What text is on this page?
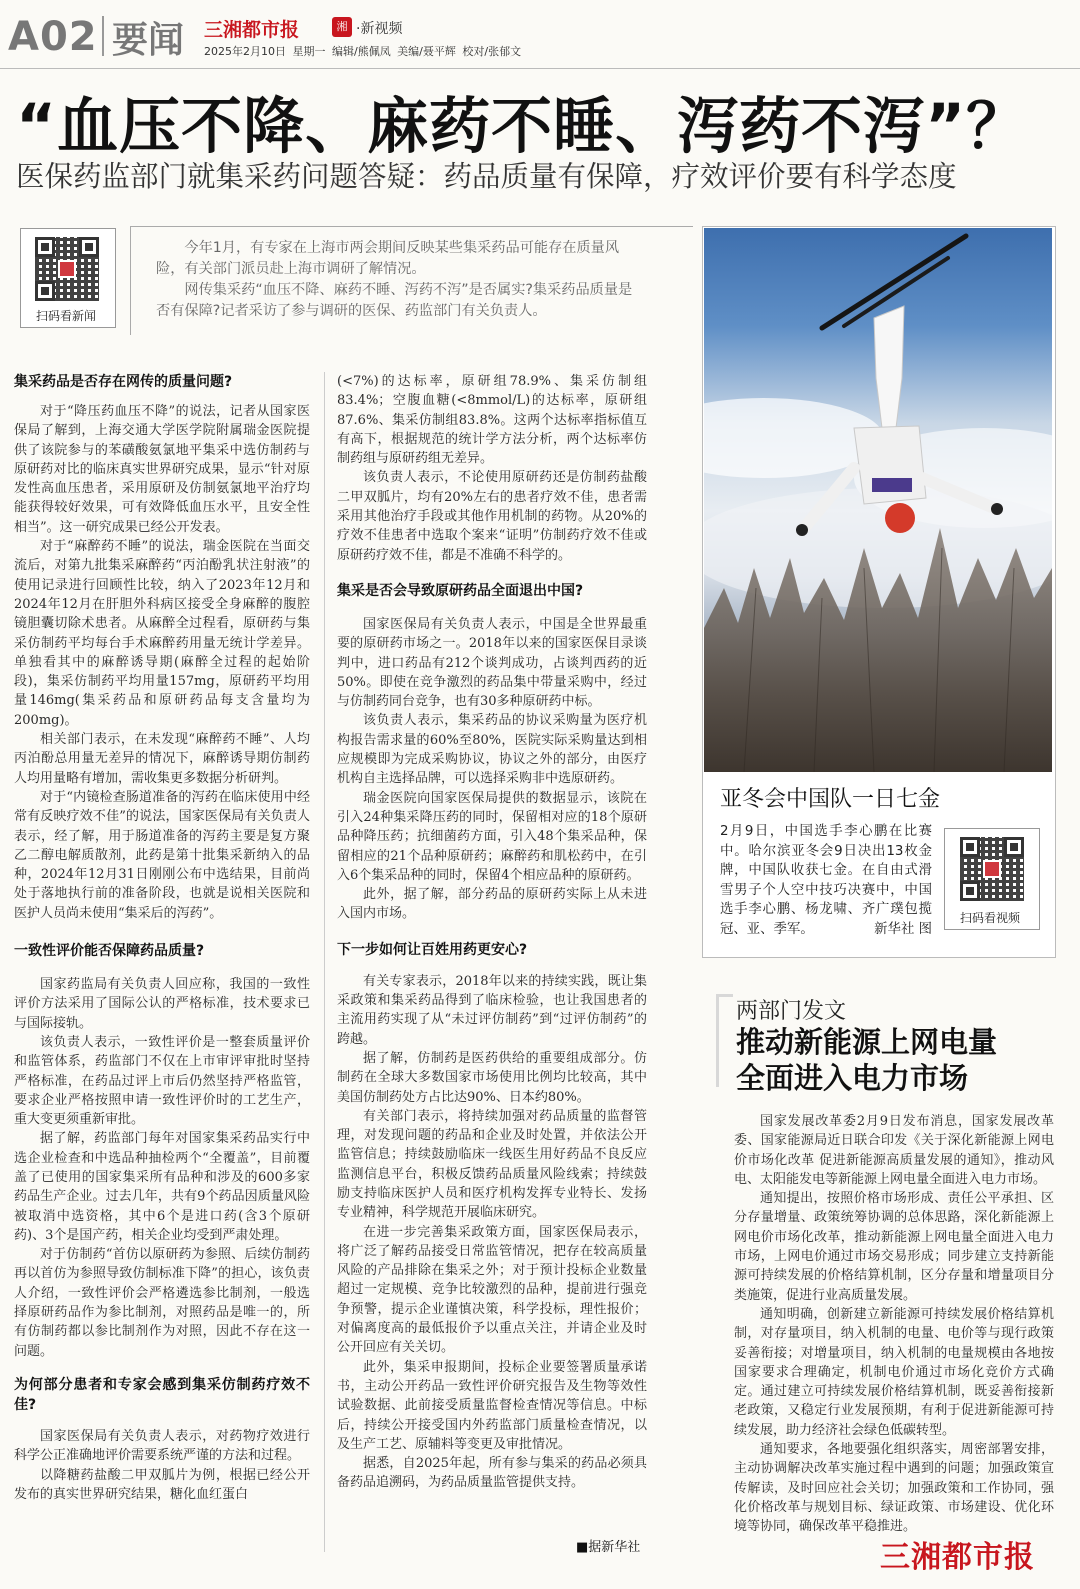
A02 要闻 三湘都市报	湘 ·新视频
2025年2月10日 星期一 编辑/熊佩凤 美编/聂平辉 校对/张郁文
“血压不降、麻药不睡、泻药不泻”？
医保药监部门就集采药问题答疑：药品质量有保障，疗效评价要有科学态度
扫码看新闻

今年1月，有专家在上海市两会期间反映某些集采药品可能存在质量风险，有关部门派员赴上海市调研了解情况。

网传集采药“血压不降、麻药不睡、泻药不泻”是否属实?集采药品质量是否有保障?记者采访了参与调研的医保、药监部门有关负责人。

集采药品是否存在网传的质量问题?

对于“降压药血压不降”的说法，记者从国家医保局了解到，上海交通大学医学院附属瑞金医院提供了该院参与的苯磺酸氨氯地平集采中选仿制药与原研药对比的临床真实世界研究成果，显示“针对原发性高血压患者，采用原研及仿制氨氯地平治疗均能获得较好效果，可有效降低血压水平，且安全性相当”。这一研究成果已经公开发表。

对于“麻醉药不睡”的说法，瑞金医院在当面交流后，对第九批集采麻醉药“丙泊酚乳状注射液”的使用记录进行回顾性比较，纳入了2023年12月和2024年12月在肝胆外科病区接受全身麻醉的腹腔镜胆囊切除术患者。从麻醉全过程看，原研药与集采仿制药平均每台手术麻醉药用量无统计学差异。单独看其中的麻醉诱导期(麻醉全过程的起始阶段)，集采仿制药平均用量157mg，原研药平均用量146mg(集采药品和原研药品每支含量均为200mg)。

相关部门表示，在未发现“麻醉药不睡”、人均丙泊酚总用量无差异的情况下，麻醉诱导期仿制药人均用量略有增加，需收集更多数据分析研判。

对于“内镜检查肠道准备的泻药在临床使用中经常有反映疗效不佳”的说法，国家医保局有关负责人表示，经了解，用于肠道准备的泻药主要是复方聚乙二醇电解质散剂，此药是第十批集采新纳入的品种，2024年12月31日刚刚公布中选结果，目前尚处于落地执行前的准备阶段，也就是说相关医院和医护人员尚未使用“集采后的泻药”。

一致性评价能否保障药品质量?

国家药监局有关负责人回应称，我国的一致性评价方法采用了国际公认的严格标准，技术要求已与国际接轨。

该负责人表示，一致性评价是一整套质量评价和监管体系，药监部门不仅在上市审评审批时坚持严格标准，在药品过评上市后仍然坚持严格监管，要求企业严格按照申请一致性评价时的工艺生产，重大变更须重新审批。

据了解，药监部门每年对国家集采药品实行中选企业检查和中选品种抽检两个“全覆盖”，目前覆盖了已使用的国家集采所有品种和涉及的600多家药品生产企业。过去几年，共有9个药品因质量风险被取消中选资格，其中6个是进口药(含3个原研药)、3个是国产药，相关企业均受到严肃处理。

对于仿制药“首仿以原研药为参照、后续仿制药再以首仿为参照导致仿制标准下降”的担心，该负责人介绍，一致性评价会严格遴选参比制剂，一般选择原研药品作为参比制剂，对照药品是唯一的，所有仿制药都以参比制剂作为对照，因此不存在这一问题。

为何部分患者和专家会感到集采仿制药疗效不佳?

国家医保局有关负责人表示，对药物疗效进行科学公正准确地评价需要系统严谨的方法和过程。

以降糖药盐酸二甲双胍片为例，根据已经公开发布的真实世界研究结果，糖化血红蛋白

(<7%)的达标率，原研组78.9%、集采仿制组83.4%；空腹血糖(<8mmol/L)的达标率，原研组87.6%、集采仿制组83.8%。这两个达标率指标值互有高下，根据规范的统计学方法分析，两个达标率仿制药组与原研药组无差异。

该负责人表示，不论使用原研药还是仿制药盐酸二甲双胍片，均有20%左右的患者疗效不佳，患者需采用其他治疗手段或其他作用机制的药物。从20%的疗效不佳患者中选取个案来“证明”仿制药疗效不佳或原研药疗效不佳，都是不准确不科学的。

集采是否会导致原研药品全面退出中国?

国家医保局有关负责人表示，中国是全世界最重要的原研药市场之一。2018年以来的国家医保目录谈判中，进口药品有212个谈判成功，占谈判西药的近50%。即使在竞争激烈的药品集中带量采购中，经过与仿制药同台竞争，也有30多种原研药中标。

该负责人表示，集采药品的协议采购量为医疗机构报告需求量的60%至80%，医院实际采购量达到相应规模即为完成采购协议，协议之外的部分，由医疗机构自主选择品牌，可以选择采购非中选原研药。

瑞金医院向国家医保局提供的数据显示，该院在引入24种集采降压药的同时，保留相对应的18个原研品种降压药；抗细菌药方面，引入48个集采品种，保留相应的21个品种原研药；麻醉药和肌松药中，在引入6个集采品种的同时，保留4个相应品种的原研药。

此外，据了解，部分药品的原研药实际上从未进入国内市场。

下一步如何让百姓用药更安心?

有关专家表示，2018年以来的持续实践，既让集采政策和集采药品得到了临床检验，也让我国患者的主流用药实现了从“未过评仿制药”到“过评仿制药”的跨越。

据了解，仿制药是医药供给的重要组成部分。仿制药在全球大多数国家市场使用比例均比较高，其中美国仿制药处方占比达90%、日本约80%。

有关部门表示，将持续加强对药品质量的监督管理，对发现问题的药品和企业及时处置，并依法公开监管信息；持续鼓励临床一线医生用好药品不良反应监测信息平台，积极反馈药品质量风险线索；持续鼓励支持临床医护人员和医疗机构发挥专业特长、发扬专业精神，科学规范开展临床研究。

在进一步完善集采政策方面，国家医保局表示，将广泛了解药品接受日常监管情况，把存在较高质量风险的产品排除在集采之外；对于预计投标企业数量超过一定规模、竞争比较激烈的品种，提前进行强竞争预警，提示企业谨慎决策，科学投标，理性报价；对偏离度高的最低报价予以重点关注，并请企业及时公开回应有关关切。

此外，集采申报期间，投标企业要签署质量承诺书，主动公开药品一致性评价研究报告及生物等效性试验数据、此前接受质量监督检查情况等信息。中标后，持续公开接受国内外药监部门质量检查情况，以及生产工艺、原辅料等变更及审批情况。

据悉，自2025年起，所有参与集采的药品必须具备药品追溯码，为药品质量监管提供支持。

■据新华社
亚冬会中国队一日七金
2月9日，中国选手李心鹏在比赛中。哈尔滨亚冬会9日决出13枚金牌，中国队收获七金。在自由式滑雪男子个人空中技巧决赛中，中国选手李心鹏、杨龙啸、齐广璞包揽冠、亚、季军。	新华社 图
扫码看视频
两部门发文
推动新能源上网电量
全面进入电力市场

国家发展改革委2月9日发布消息，国家发展改革委、国家能源局近日联合印发《关于深化新能源上网电价市场化改革 促进新能源高质量发展的通知》，推动风电、太阳能发电等新能源上网电量全面进入电力市场。

通知提出，按照价格市场形成、责任公平承担、区分存量增量、政策统筹协调的总体思路，深化新能源上网电价市场化改革，推动新能源上网电量全面进入电力市场，上网电价通过市场交易形成；同步建立支持新能源可持续发展的价格结算机制，区分存量和增量项目分类施策，促进行业高质量发展。

通知明确，创新建立新能源可持续发展价格结算机制，对存量项目，纳入机制的电量、电价等与现行政策妥善衔接；对增量项目，纳入机制的电量规模由各地按国家要求合理确定，机制电价通过市场化竞价方式确定。通过建立可持续发展价格结算机制，既妥善衔接新老政策，又稳定行业发展预期，有利于促进新能源可持续发展，助力经济社会绿色低碳转型。

通知要求，各地要强化组织落实，周密部署安排，主动协调解决改革实施过程中遇到的问题；加强政策宣传解读，及时回应社会关切；加强政策和工作协同，强化价格改革与规划目标、绿证政策、市场建设、优化环境等协同，确保改革平稳推进。

三湘都市报
